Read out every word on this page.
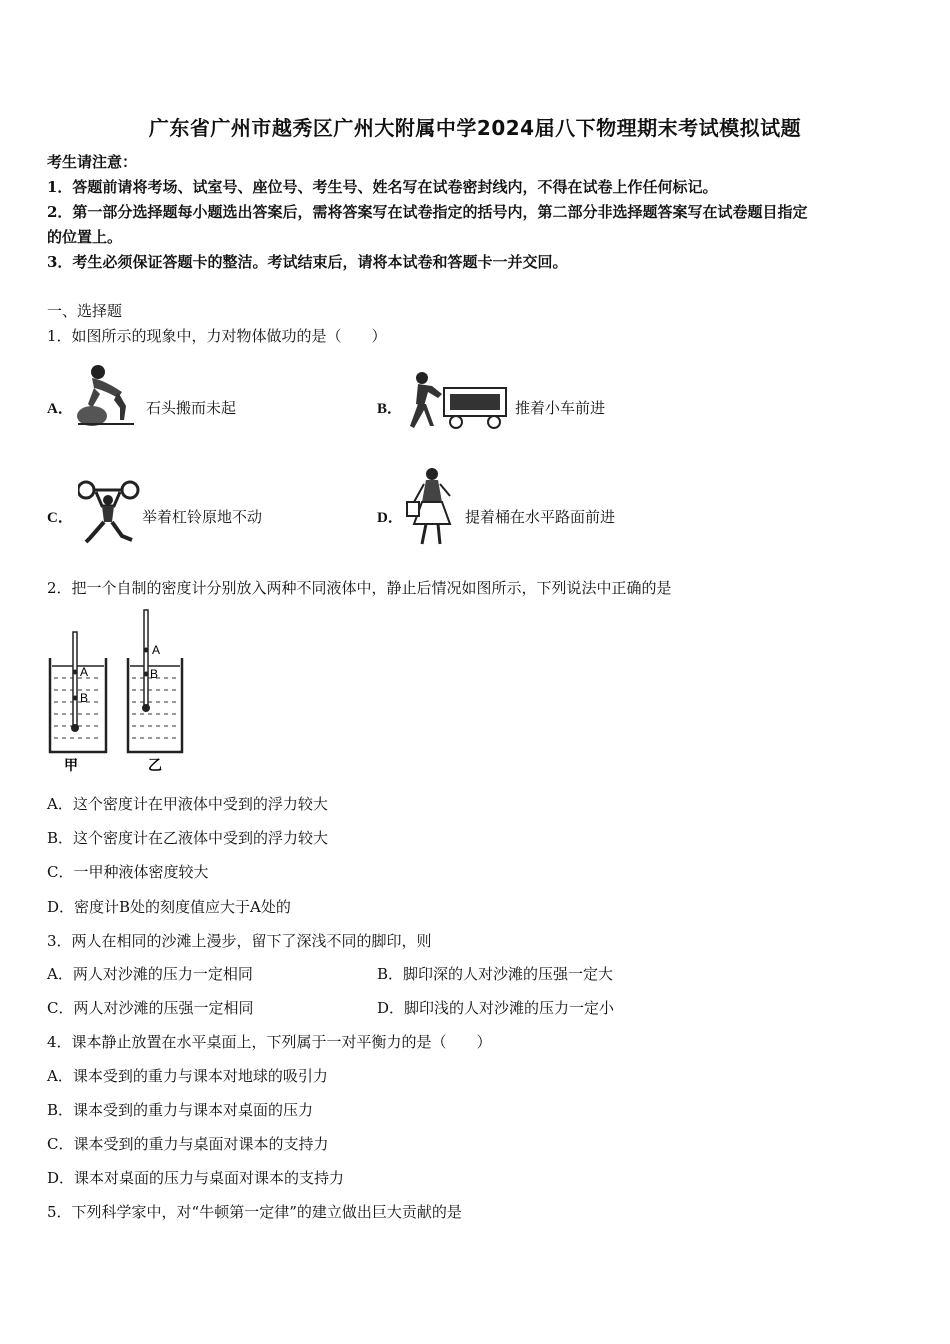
广东省广州市越秀区广州大附属中学2024届八下物理期末考试模拟试题
考生请注意：
1．答题前请将考场、试室号、座位号、考生号、姓名写在试卷密封线内，不得在试卷上作任何标记。
2．第一部分选择题每小题选出答案后，需将答案写在试卷指定的括号内，第二部分非选择题答案写在试卷题目指定
的位置上。
3．考生必须保证答题卡的整洁。考试结束后，请将本试卷和答题卡一并交回。
一、选择题
1．如图所示的现象中，力对物体做功的是（　　）
A．	石头搬而未起	B．	推着小车前进
C．	举着杠铃原地不动	D．	提着桶在水平路面前进
2．把一个自制的密度计分别放入两种不同液体中，静止后情况如图所示，下列说法中正确的是
A
B
甲
A
B
乙
A．这个密度计在甲液体中受到的浮力较大
B．这个密度计在乙液体中受到的浮力较大
C．一甲种液体密度较大
D．密度计B处的刻度值应大于A处的
3．两人在相同的沙滩上漫步，留下了深浅不同的脚印，则
A．两人对沙滩的压力一定相同	B．脚印深的人对沙滩的压强一定大
C．两人对沙滩的压强一定相同	D．脚印浅的人对沙滩的压力一定小
4．课本静止放置在水平桌面上，下列属于一对平衡力的是（　　）
A．课本受到的重力与课本对地球的吸引力
B．课本受到的重力与课本对桌面的压力
C．课本受到的重力与桌面对课本的支持力
D．课本对桌面的压力与桌面对课本的支持力
5．下列科学家中，对“牛顿第一定律”的建立做出巨大贡献的是
